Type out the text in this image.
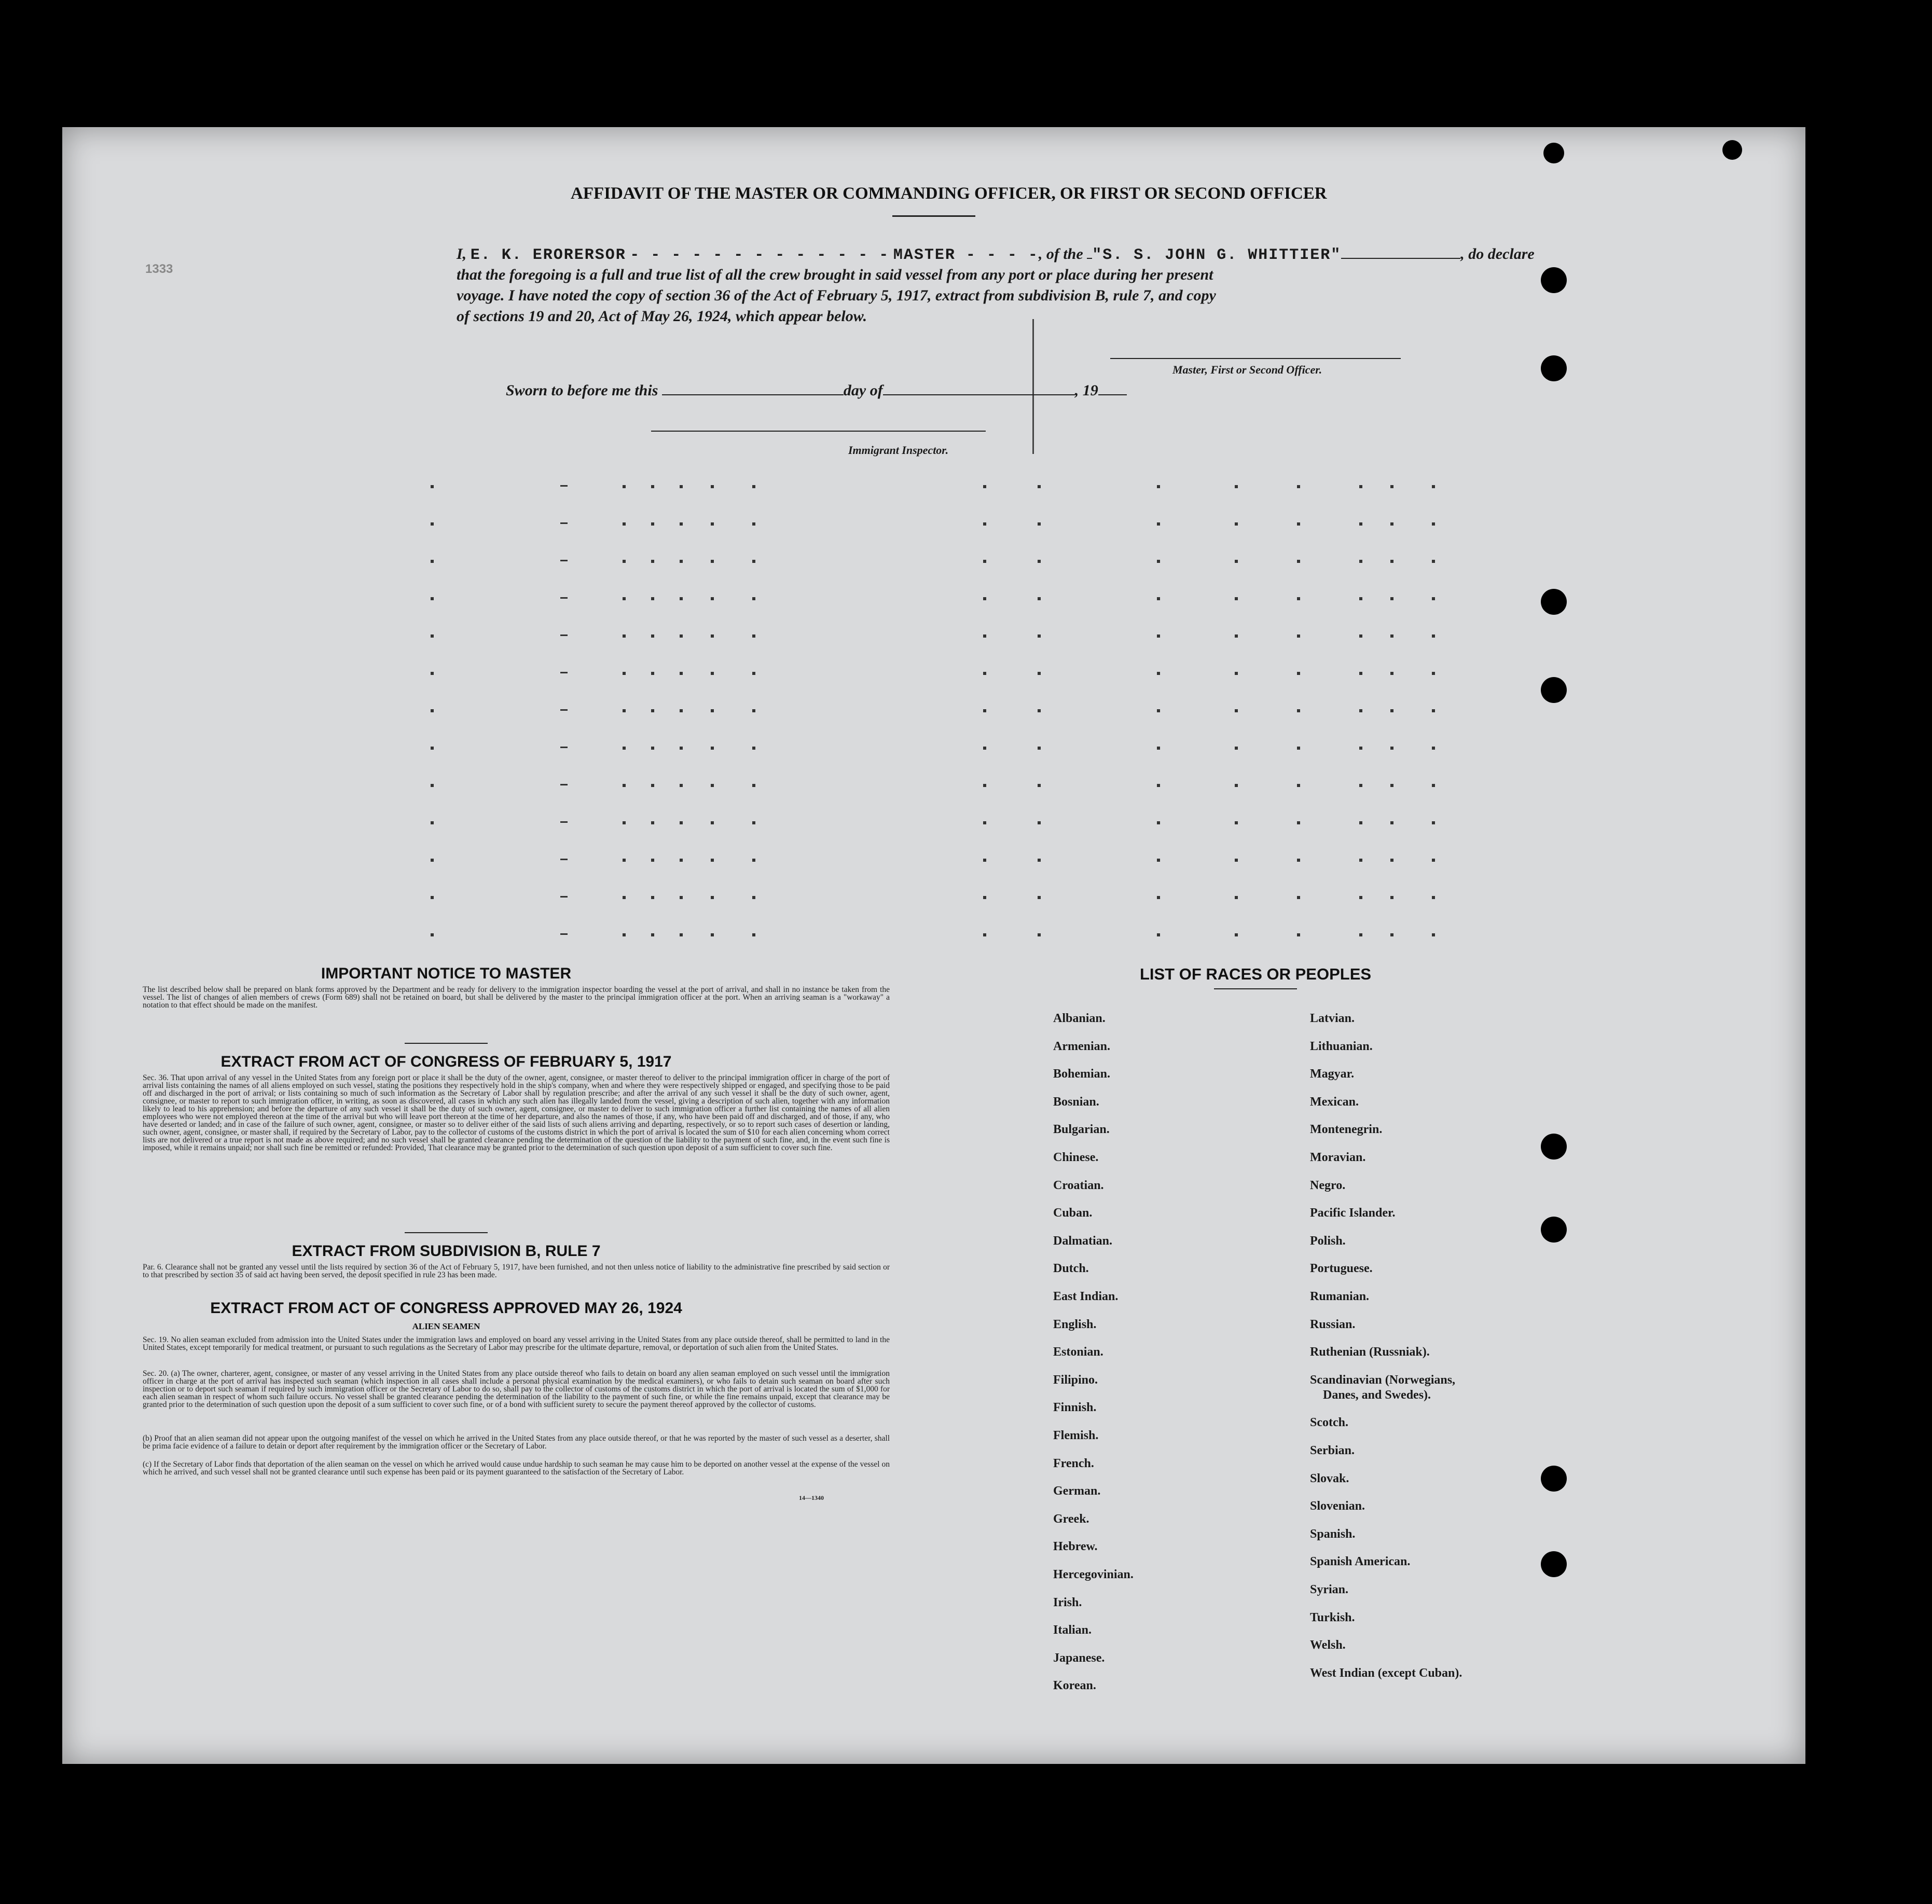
1333
AFFIDAVIT OF THE MASTER OR COMMANDING OFFICER, OR FIRST OR SECOND OFFICER
I, E. K. ERORERSOR - - - - - - - - - - - - - MASTER - - - -, of the "S. S. JOHN G. WHITTIER"	, do declare
that the foregoing is a full and true list of all the crew brought in said vessel from any port or place during her present
voyage. I have noted the copy of section 36 of the Act of February 5, 1917, extract from subdivision B, rule 7, and copy
of sections 19 and 20, Act of May 26, 1924, which appear below.
Master, First or Second Officer.
Sworn to before me this	day of	, 19
Immigrant Inspector.
IMPORTANT NOTICE TO MASTER
The list described below shall be prepared on blank forms approved by the Department and be ready for delivery to the immigration inspector boarding the vessel at the port of arrival, and shall in no instance be taken from the vessel. The list of changes of alien members of crews (Form 689) shall not be retained on board, but shall be delivered by the master to the principal immigration officer at the port. When an arriving seaman is a "workaway" a notation to that effect should be made on the manifest.
EXTRACT FROM ACT OF CONGRESS OF FEBRUARY 5, 1917
Sec. 36. That upon arrival of any vessel in the United States from any foreign port or place it shall be the duty of the owner, agent, consignee, or master thereof to deliver to the principal immigration officer in charge of the port of arrival lists containing the names of all aliens employed on such vessel, stating the positions they respectively hold in the ship's company, when and where they were respectively shipped or engaged, and specifying those to be paid off and discharged in the port of arrival; or lists containing so much of such information as the Secretary of Labor shall by regulation prescribe; and after the arrival of any such vessel it shall be the duty of such owner, agent, consignee, or master to report to such immigration officer, in writing, as soon as discovered, all cases in which any such alien has illegally landed from the vessel, giving a description of such alien, together with any information likely to lead to his apprehension; and before the departure of any such vessel it shall be the duty of such owner, agent, consignee, or master to deliver to such immigration officer a further list containing the names of all alien employees who were not employed thereon at the time of the arrival but who will leave port thereon at the time of her departure, and also the names of those, if any, who have been paid off and discharged, and of those, if any, who have deserted or landed; and in case of the failure of such owner, agent, consignee, or master so to deliver either of the said lists of such aliens arriving and departing, respectively, or so to report such cases of desertion or landing, such owner, agent, consignee, or master shall, if required by the Secretary of Labor, pay to the collector of customs of the customs district in which the port of arrival is located the sum of $10 for each alien concerning whom correct lists are not delivered or a true report is not made as above required; and no such vessel shall be granted clearance pending the determination of the question of the liability to the payment of such fine, and, in the event such fine is imposed, while it remains unpaid; nor shall such fine be remitted or refunded: Provided, That clearance may be granted prior to the determination of such question upon deposit of a sum sufficient to cover such fine.
EXTRACT FROM SUBDIVISION B, RULE 7
Par. 6. Clearance shall not be granted any vessel until the lists required by section 36 of the Act of February 5, 1917, have been furnished, and not then unless notice of liability to the administrative fine prescribed by said section or to that prescribed by section 35 of said act having been served, the deposit specified in rule 23 has been made.
EXTRACT FROM ACT OF CONGRESS APPROVED MAY 26, 1924
ALIEN SEAMEN
Sec. 19. No alien seaman excluded from admission into the United States under the immigration laws and employed on board any vessel arriving in the United States from any place outside thereof, shall be permitted to land in the United States, except temporarily for medical treatment, or pursuant to such regulations as the Secretary of Labor may prescribe for the ultimate departure, removal, or deportation of such alien from the United States.
Sec. 20. (a) The owner, charterer, agent, consignee, or master of any vessel arriving in the United States from any place outside thereof who fails to detain on board any alien seaman employed on such vessel until the immigration officer in charge at the port of arrival has inspected such seaman (which inspection in all cases shall include a personal physical examination by the medical examiners), or who fails to detain such seaman on board after such inspection or to deport such seaman if required by such immigration officer or the Secretary of Labor to do so, shall pay to the collector of customs of the customs district in which the port of arrival is located the sum of $1,000 for each alien seaman in respect of whom such failure occurs. No vessel shall be granted clearance pending the determination of the liability to the payment of such fine, or while the fine remains unpaid, except that clearance may be granted prior to the determination of such question upon the deposit of a sum sufficient to cover such fine, or of a bond with sufficient surety to secure the payment thereof approved by the collector of customs.
(b) Proof that an alien seaman did not appear upon the outgoing manifest of the vessel on which he arrived in the United States from any place outside thereof, or that he was reported by the master of such vessel as a deserter, shall be prima facie evidence of a failure to detain or deport after requirement by the immigration officer or the Secretary of Labor.
(c) If the Secretary of Labor finds that deportation of the alien seaman on the vessel on which he arrived would cause undue hardship to such seaman he may cause him to be deported on another vessel at the expense of the vessel on which he arrived, and such vessel shall not be granted clearance until such expense has been paid or its payment guaranteed to the satisfaction of the Secretary of Labor.
14—1340
LIST OF RACES OR PEOPLES
Albanian.
Armenian.
Bohemian.
Bosnian.
Bulgarian.
Chinese.
Croatian.
Cuban.
Dalmatian.
Dutch.
East Indian.
English.
Estonian.
Filipino.
Finnish.
Flemish.
French.
German.
Greek.
Hebrew.
Hercegovinian.
Irish.
Italian.
Japanese.
Korean.
Latvian.
Lithuanian.
Magyar.
Mexican.
Montenegrin.
Moravian.
Negro.
Pacific Islander.
Polish.
Portuguese.
Rumanian.
Russian.
Ruthenian (Russniak).
Scandinavian (Norwegians,
Danes, and Swedes).
Scotch.
Serbian.
Slovak.
Slovenian.
Spanish.
Spanish American.
Syrian.
Turkish.
Welsh.
West Indian (except Cuban).
